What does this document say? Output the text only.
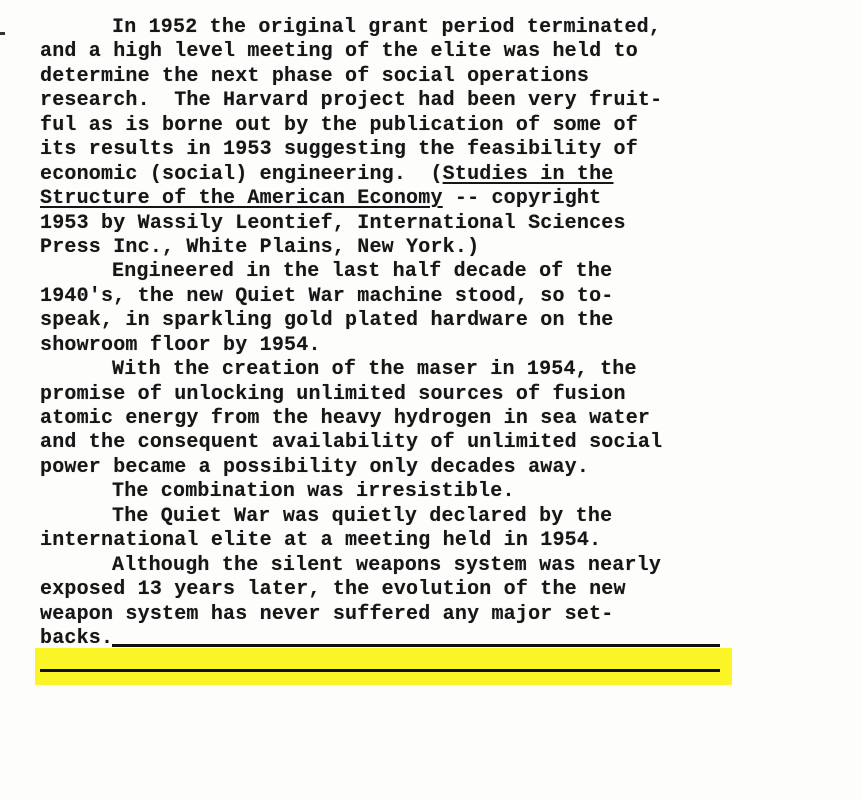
In 1952 the original grant period terminated,
and a high level meeting of the elite was held to
determine the next phase of social operations
research.  The Harvard project had been very fruit-
ful as is borne out by the publication of some of
its results in 1953 suggesting the feasibility of
economic (social) engineering.  (Studies in the
Structure of the American Economy -- copyright
1953 by Wassily Leontief, International Sciences
Press Inc., White Plains, New York.)
Engineered in the last half decade of the
1940's, the new Quiet War machine stood, so to-
speak, in sparkling gold plated hardware on the
showroom floor by 1954.
With the creation of the maser in 1954, the
promise of unlocking unlimited sources of fusion
atomic energy from the heavy hydrogen in sea water
and the consequent availability of unlimited social
power became a possibility only decades away.
The combination was irresistible.
The Quiet War was quietly declared by the
international elite at a meeting held in 1954.
Although the silent weapons system was nearly
exposed 13 years later, the evolution of the new
weapon system has never suffered any major set-
backs.
